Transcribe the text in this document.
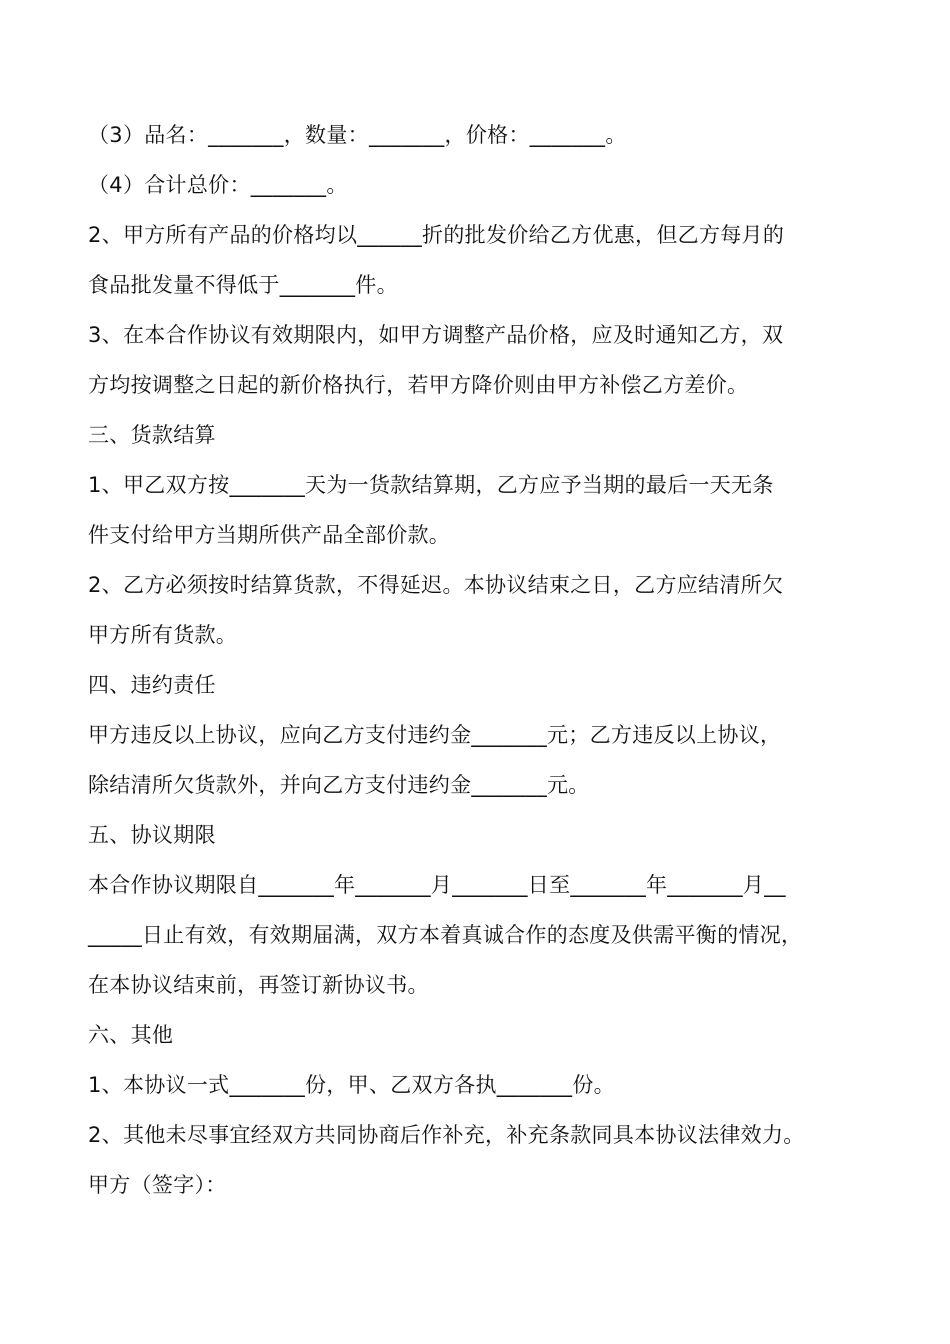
（3）品名：_______，数量：_______，价格：_______。
（4）合计总价：_______。
2、甲方所有产品的价格均以______折的批发价给乙方优惠，但乙方每月的
食品批发量不得低于_______件。
3、在本合作协议有效期限内，如甲方调整产品价格，应及时通知乙方，双
方均按调整之日起的新价格执行，若甲方降价则由甲方补偿乙方差价。
三、货款结算
1、甲乙双方按_______天为一货款结算期，乙方应予当期的最后一天无条
件支付给甲方当期所供产品全部价款。
2、乙方必须按时结算货款，不得延迟。本协议结束之日，乙方应结清所欠
甲方所有货款。
四、违约责任
甲方违反以上协议，应向乙方支付违约金_______元；乙方违反以上协议，
除结清所欠货款外，并向乙方支付违约金_______元。
五、协议期限
本合作协议期限自_______年_______月_______日至_______年_______月__
_____日止有效，有效期届满，双方本着真诚合作的态度及供需平衡的情况，
在本协议结束前，再签订新协议书。
六、其他
1、本协议一式_______份，甲、乙双方各执_______份。
2、其他未尽事宜经双方共同协商后作补充，补充条款同具本协议法律效力。
甲方（签字）：
